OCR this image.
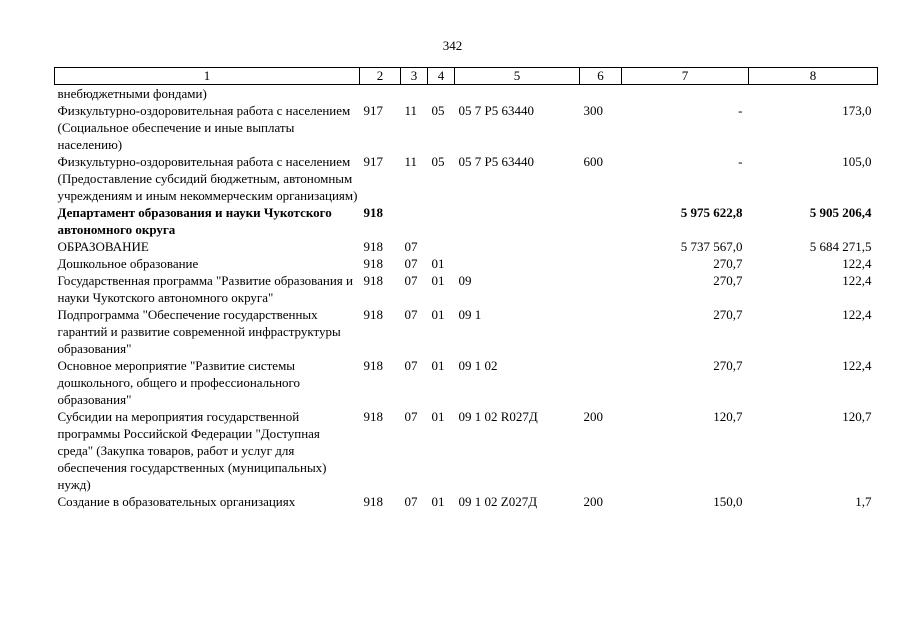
342
1	2	3	4	5	6	7	8
внебюджетными фондами)							
Физкультурно-оздоровительная работа с населением (Социальное обеспечение и иные выплаты населению)	917	11	05	05 7 P5 63440	300	-	173,0
Физкультурно-оздоровительная работа с населением (Предоставление субсидий бюджетным, автономным учреждениям и иным некоммерческим организациям)	917	11	05	05 7 P5 63440	600	-	105,0
Департамент образования и науки Чукотского автономного округа	918					5 975 622,8	5 905 206,4
ОБРАЗОВАНИЕ	918	07				5 737 567,0	5 684 271,5
Дошкольное образование	918	07	01			270,7	122,4
Государственная программа "Развитие образования и науки Чукотского автономного округа"	918	07	01	09		270,7	122,4
Подпрограмма "Обеспечение государственных гарантий и развитие современной инфраструктуры образования"	918	07	01	09 1		270,7	122,4
Основное мероприятие "Развитие системы дошкольного, общего и профессионального образования"	918	07	01	09 1 02		270,7	122,4
Субсидии на мероприятия государственной программы Российской Федерации "Доступная среда" (Закупка товаров, работ и услуг для обеспечения государственных (муниципальных) нужд)	918	07	01	09 1 02 R027Д	200	120,7	120,7
Создание в образовательных организациях	918	07	01	09 1 02 Z027Д	200	150,0	1,7
